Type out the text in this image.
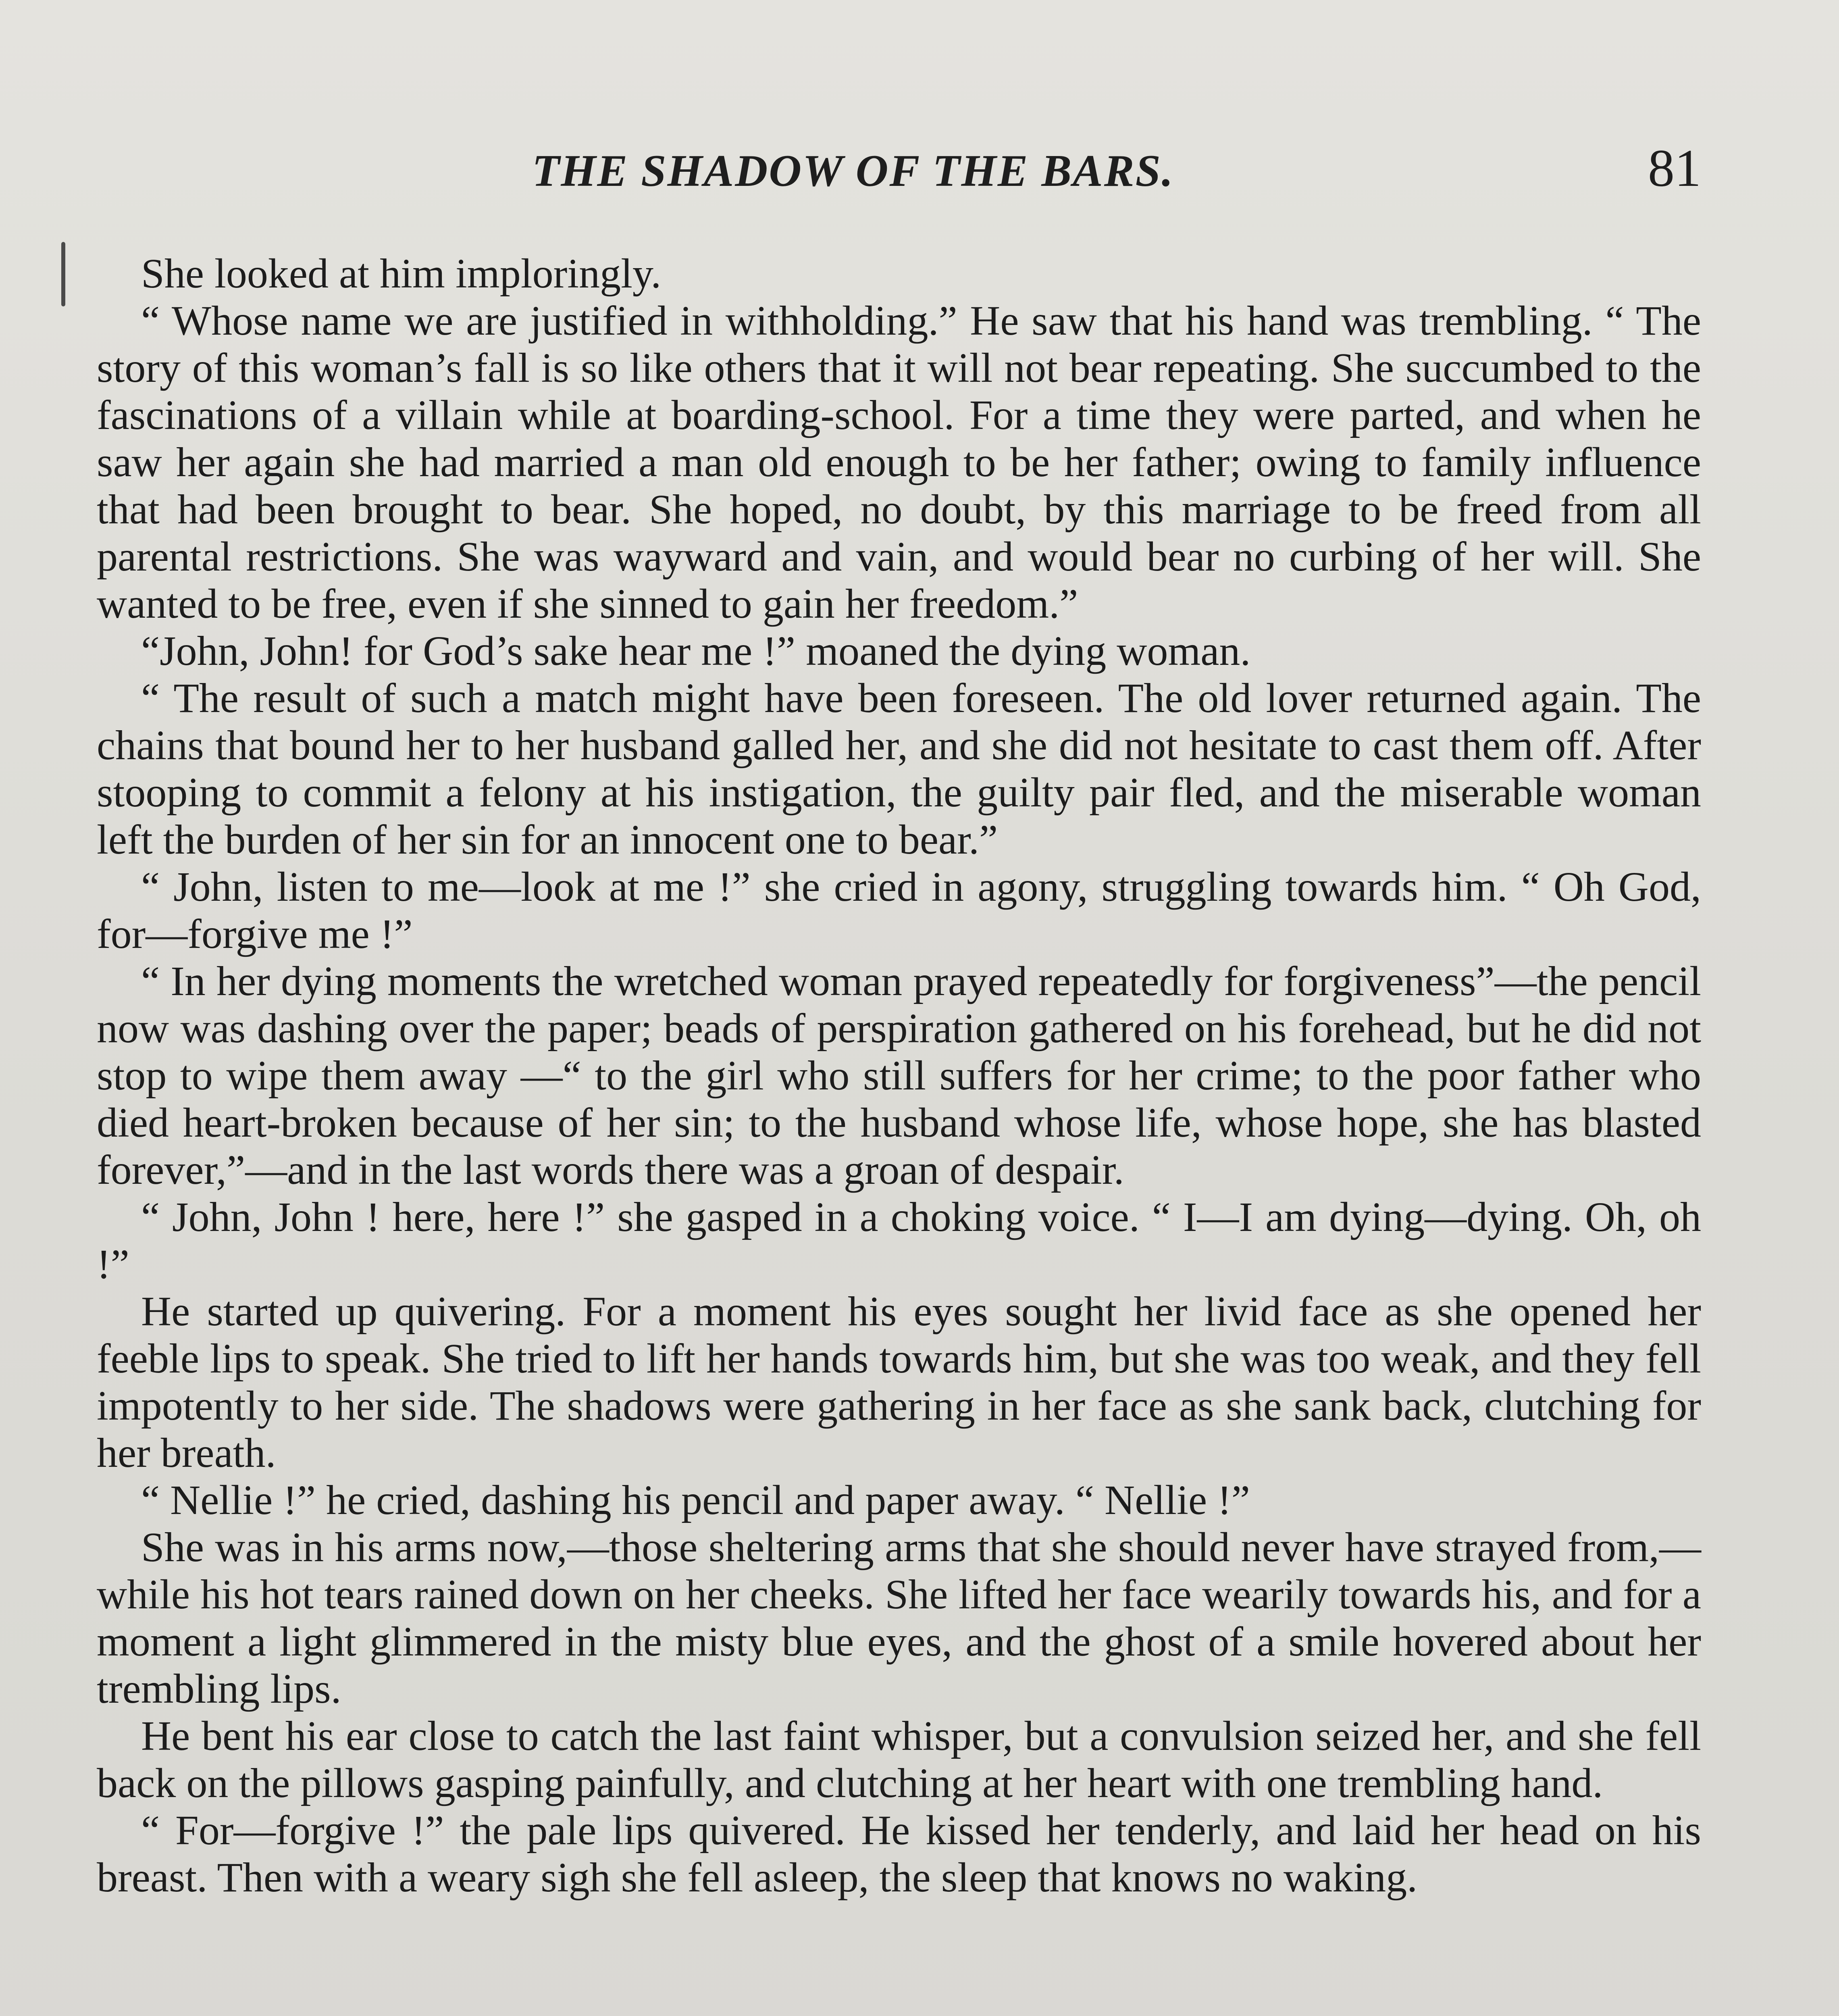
THE SHADOW OF THE BARS.	81

She looked at him imploringly.

“ Whose name we are justified in withholding.” He saw that his hand was trembling. “ The story of this woman’s fall is so like others that it will not bear repeating. She succumbed to the fascinations of a villain while at boarding-school. For a time they were parted, and when he saw her again she had married a man old enough to be her father; owing to family influence that had been brought to bear. She hoped, no doubt, by this marriage to be freed from all parental restrictions. She was wayward and vain, and would bear no curbing of her will. She wanted to be free, even if she sinned to gain her freedom.”

“John, John! for God’s sake hear me !” moaned the dying woman.

“ The result of such a match might have been foreseen. The old lover returned again. The chains that bound her to her husband galled her, and she did not hesitate to cast them off. After stooping to commit a felony at his instigation, the guilty pair fled, and the miserable woman left the burden of her sin for an innocent one to bear.”

“ John, listen to me—look at me !” she cried in agony, struggling towards him. “ Oh God, for—forgive me !”

“ In her dying moments the wretched woman prayed repeatedly for forgiveness”—the pencil now was dashing over the paper; beads of perspiration gathered on his forehead, but he did not stop to wipe them away —“ to the girl who still suffers for her crime; to the poor father who died heart-broken because of her sin; to the husband whose life, whose hope, she has blasted forever,”—and in the last words there was a groan of despair.

“ John, John ! here, here !” she gasped in a choking voice. “ I—I am dying—dying. Oh, oh !”

He started up quivering. For a moment his eyes sought her livid face as she opened her feeble lips to speak. She tried to lift her hands towards him, but she was too weak, and they fell impotently to her side. The shadows were gathering in her face as she sank back, clutching for her breath.

“ Nellie !” he cried, dashing his pencil and paper away. “ Nellie !”

She was in his arms now,—those sheltering arms that she should never have strayed from,—while his hot tears rained down on her cheeks. She lifted her face wearily towards his, and for a moment a light glimmered in the misty blue eyes, and the ghost of a smile hovered about her trembling lips.

He bent his ear close to catch the last faint whisper, but a convulsion seized her, and she fell back on the pillows gasping painfully, and clutching at her heart with one trembling hand.

“ For—forgive !” the pale lips quivered. He kissed her tenderly, and laid her head on his breast. Then with a weary sigh she fell asleep, the sleep that knows no waking.
